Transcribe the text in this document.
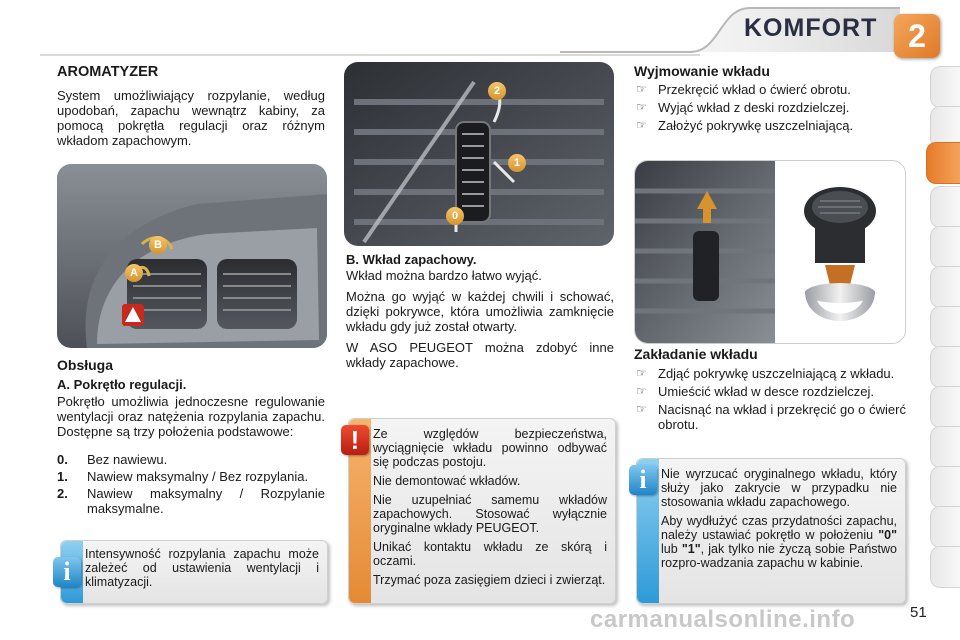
KOMFORT 2
AROMATYZER
System umożliwiający rozpylanie, według upodobań, zapachu wewnątrz kabiny, za pomocą pokrętła regulacji oraz różnym wkładom zapachowym.
B
A
Obsługa
A. Pokrętło regulacji.
Pokrętło umożliwia jednoczesne regulowanie wentylacji oraz natężenia rozpylania zapachu. Dostępne są trzy położenia podstawowe:
0. Bez nawiewu.
1. Nawiew maksymalny / Bez rozpylania.
2. Nawiew maksymalny / Rozpylanie maksymalne.
i
Intensywność rozpylania zapachu może zależeć od ustawienia wentylacji i klimatyzacji.
2
1
0
B. Wkład zapachowy.

Wkład można bardzo łatwo wyjąć.

Można go wyjąć w każdej chwili i schować, dzięki pokrywce, która umożliwia zamknięcie wkładu gdy już został otwarty.

W ASO PEUGEOT można zdobyć inne wkłady zapachowe.

!	Ze względów bezpieczeństwa, wyciągnięcie wkładu powinno odbywać się podczas postoju.

Nie demontować wkładów.

Nie uzupełniać samemu wkładów zapachowych. Stosować wyłącznie oryginalne wkłady PEUGEOT.

Unikać kontaktu wkładu ze skórą i oczami.

Trzymać poza zasięgiem dzieci i zwierząt.

Wyjmowanie wkładu
☞ Przekręcić wkład o ćwierć obrotu.
☞ Wyjąć wkład z deski rozdzielczej.
☞ Założyć pokrywkę uszczelniającą.
Zakładanie wkładu
☞ Zdjąć pokrywkę uszczelniającą z wkładu.
☞ Umieścić wkład w desce rozdzielczej.
☞ Nacisnąć na wkład i przekręcić go o ćwierć obrotu.
i	Nie wyrzucać oryginalnego wkładu, który służy jako zakrycie w przypadku nie stosowania wkładu zapachowego.

Aby wydłużyć czas przydatności zapachu, należy ustawiać pokrętło w położeniu "0" lub "1", jak tylko nie życzą sobie Państwo rozpro-wadzania zapachu w kabinie.

carmanualsonline.info	51
